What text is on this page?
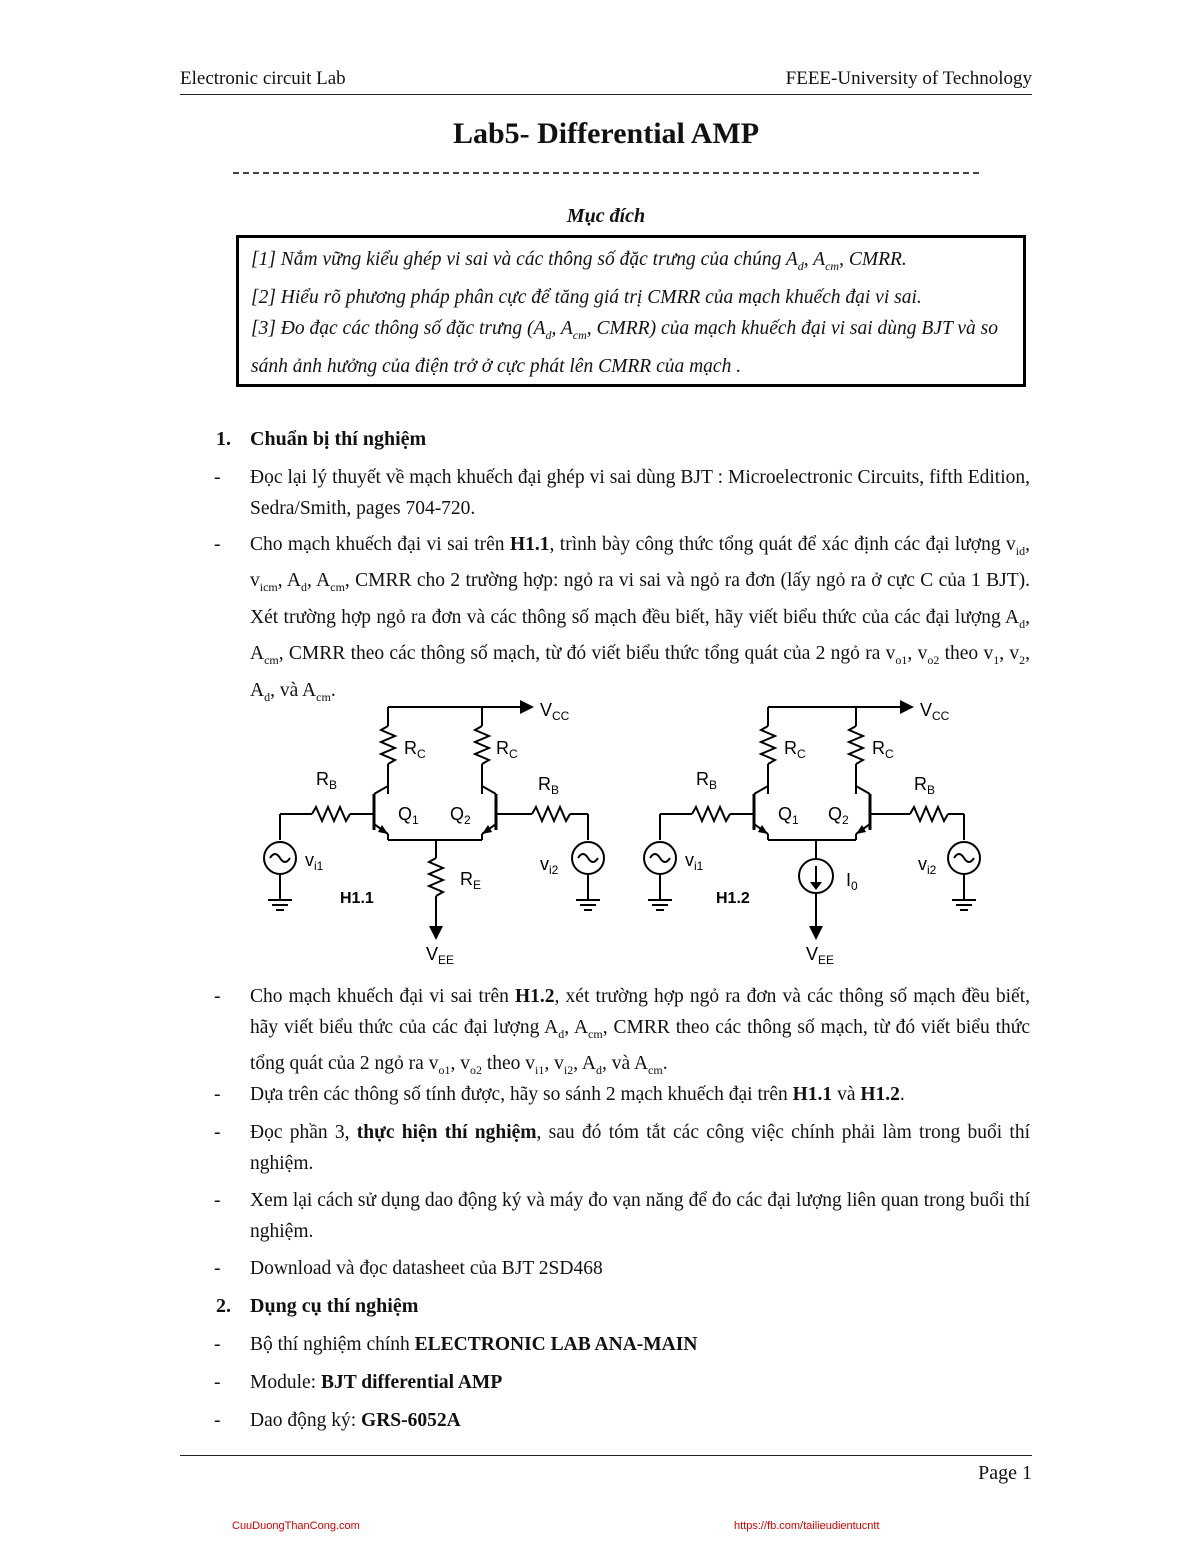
Electronic circuit Lab	FEEE-University of Technology
Lab5- Differential AMP
Mục đích

[1] Nắm vững kiểu ghép vi sai và các thông số đặc trưng của chúng $A_d$, $A_{cm}$, CMRR.

[2] Hiểu rõ phương pháp phân cực để tăng giá trị CMRR của mạch khuếch đại vi sai.

[3] Đo đạc các thông số đặc trưng ($A_d$, $A_{cm}$, CMRR) của mạch khuếch đại vi sai dùng BJT và so sánh ảnh hưởng của điện trở ở cực phát lên CMRR của mạch .

1. Chuẩn bị thí nghiệm
- Đọc lại lý thuyết về mạch khuếch đại ghép vi sai dùng BJT : Microelectronic Circuits, fifth Edition, Sedra/Smith, pages 704-720.
- Cho mạch khuếch đại vi sai trên H1.1, trình bày công thức tổng quát để xác định các đại lượng $v_{id}$, $v_{icm}$, $A_d$, $A_{cm}$, CMRR cho 2 trường hợp: ngỏ ra vi sai và ngỏ ra đơn (lấy ngỏ ra ở cực C của 1 BJT). Xét trường hợp ngỏ ra đơn và các thông số mạch đều biết, hãy viết biểu thức của các đại lượng $A_d$, $A_{cm}$, CMRR theo các thông số mạch, từ đó viết biểu thức tổng quát của 2 ngỏ ra $v_{o1}$, $v_{o2}$ theo $v_1$, $v_2$, $A_d$, và $A_{cm}$.
$V_{CC}$
$R_C$	$R_C$
$R_B$	$R_B$
$Q_1$ $Q_2$
$v_{i1}$	$v_{i2}$
$R_E$
H1.1
$V_{EE}$
$V_{CC}$
$R_C$	$R_C$
$R_B$	$R_B$
$Q_1$ $Q_2$
$v_{i1}$	$v_{i2}$
$I_0$
H1.2
$V_{EE}$
- Cho mạch khuếch đại vi sai trên H1.2, xét trường hợp ngỏ ra đơn và các thông số mạch đều biết, hãy viết biểu thức của các đại lượng $A_d$, $A_{cm}$, CMRR theo các thông số mạch, từ đó viết biểu thức tổng quát của 2 ngỏ ra $v_{o1}$, $v_{o2}$ theo $v_{i1}$, $v_{i2}$, $A_d$, và $A_{cm}$.
- Dựa trên các thông số tính được, hãy so sánh 2 mạch khuếch đại trên H1.1 và H1.2.
- Đọc phần 3, thực hiện thí nghiệm, sau đó tóm tắt các công việc chính phải làm trong buổi thí nghiệm.
- Xem lại cách sử dụng dao động ký và máy đo vạn năng để đo các đại lượng liên quan trong buổi thí nghiệm.
- Download và đọc datasheet của BJT 2SD468
2. Dụng cụ thí nghiệm
- Bộ thí nghiệm chính ELECTRONIC LAB ANA-MAIN
- Module: BJT differential AMP
- Dao động ký: GRS-6052A
Page 1
CuuDuongThanCong.com	https://fb.com/tailieudientucntt
